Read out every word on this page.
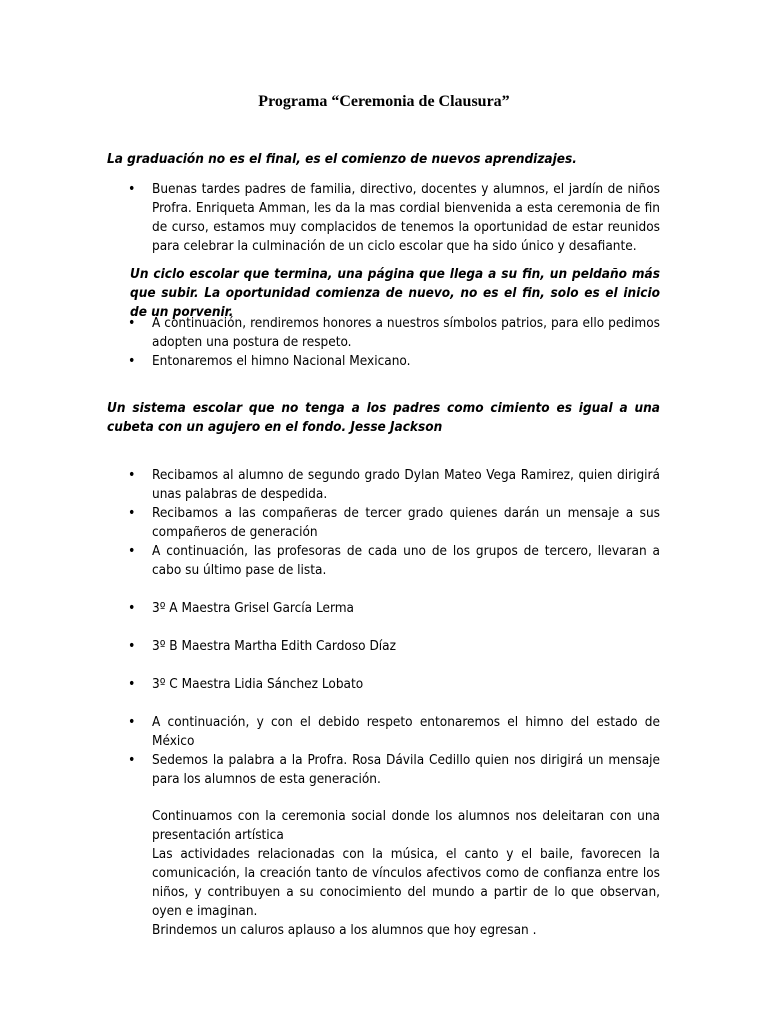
Programa “Ceremonia de Clausura”
La graduación no es el final, es el comienzo de nuevos aprendizajes.
• Buenas tardes padres de familia, directivo, docentes y alumnos, el jardín de niños Profra. Enriqueta Amman, les da la mas cordial bienvenida a esta ceremonia de fin de curso, estamos muy complacidos de tenemos la oportunidad de estar reunidos para celebrar la culminación de un ciclo escolar que ha sido único y desafiante.
Un ciclo escolar que termina, una página que llega a su fin, un peldaño más que subir. La oportunidad comienza de nuevo, no es el fin, solo es el inicio de un porvenir.
• A continuación, rendiremos honores a nuestros símbolos patrios, para ello pedimos adopten una postura de respeto.
• Entonaremos el himno Nacional Mexicano.
Un sistema escolar que no tenga a los padres como cimiento es igual a una cubeta con un agujero en el fondo. Jesse Jackson
• Recibamos al alumno de segundo grado Dylan Mateo Vega Ramirez, quien dirigirá unas palabras de despedida.
• Recibamos a las compañeras de tercer grado quienes darán un mensaje a sus compañeros de generación
• A continuación, las profesoras de cada uno de los grupos de tercero, llevaran a cabo su último pase de lista.
• 3º A Maestra Grisel García Lerma
• 3º B Maestra Martha Edith Cardoso Díaz
• 3º C Maestra Lidia Sánchez Lobato
• A continuación, y con el debido respeto entonaremos el himno del estado de México
• Sedemos la palabra a la Profra. Rosa Dávila Cedillo quien nos dirigirá un mensaje para los alumnos de esta generación.
Continuamos con la ceremonia social donde los alumnos nos deleitaran con una presentación artística
Las actividades relacionadas con la música, el canto y el baile, favorecen la comunicación, la creación tanto de vínculos afectivos como de confianza entre los niños, y contribuyen a su conocimiento del mundo a partir de lo que observan, oyen e imaginan.
Brindemos un caluros aplauso a los alumnos que hoy egresan .
